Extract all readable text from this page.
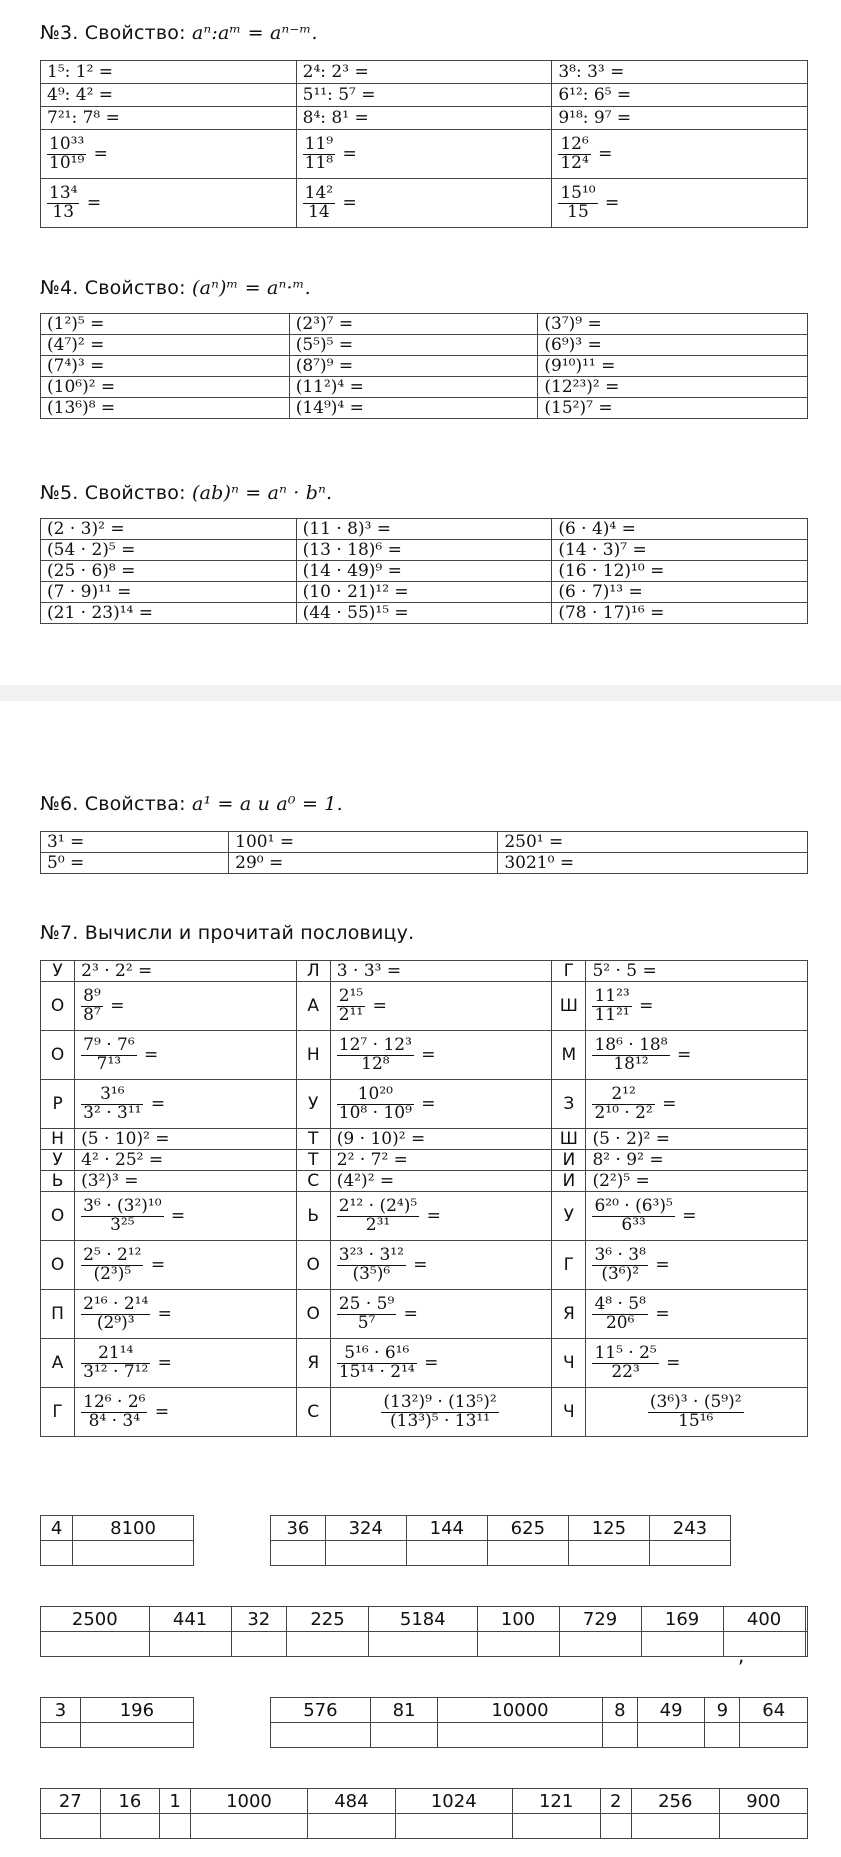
№3. Свойство: aⁿ:aᵐ = aⁿ⁻ᵐ.
1⁵: 1² =	2⁴: 2³ =	3⁸: 3³ =
4⁹: 4² =	5¹¹: 5⁷ =	6¹²: 6⁵ =
7²¹: 7⁸ =	8⁴: 8¹ =	9¹⁸: 9⁷ =

$\frac{\text{10³³}}{\text{10¹⁹}}$ =	$\frac{\text{11⁹}}{\text{11⁸}}$ =	$\frac{\text{12⁶}}{\text{12⁴}}$ =

$\frac{\text{13⁴}}{13}$ =	$\frac{\text{14²}}{14}$ =	$\frac{\text{15¹⁰}}{15}$ =
№4. Свойство: (aⁿ)ᵐ = aⁿ·ᵐ.
(1²)⁵ =	(2³)⁷ =	(3⁷)⁹ =
(4⁷)² =	(5⁵)⁵ =	(6⁹)³ =
(7⁴)³ =	(8⁷)⁹ =	(9¹⁰)¹¹ =
(10⁶)² =	(11²)⁴ =	(12²³)² =
(13⁶)⁸ =	(14⁹)⁴ =	(15²)⁷ =
№5. Свойство: (ab)ⁿ = aⁿ · bⁿ.
(2 · 3)² =	(11 · 8)³ =	(6 · 4)⁴ =
(54 · 2)⁵ =	(13 · 18)⁶ =	(14 · 3)⁷ =
(25 · 6)⁸ =	(14 · 49)⁹ =	(16 · 12)¹⁰ =
(7 · 9)¹¹ =	(10 · 21)¹² =	(6 · 7)¹³ =
(21 · 23)¹⁴ =	(44 · 55)¹⁵ =	(78 · 17)¹⁶ =
№6. Свойства: a¹ = a и a⁰ = 1.
3¹ =	100¹ =	250¹ =
5⁰ =	29⁰ =	3021⁰ =
№7. Вычисли и прочитай пословицу.
У	2³ · 2² =	Л	3 · 3³ =	Г	5² · 5 =
О	$\frac{\text{8⁹}}{\text{8⁷}}$ =	А	$\frac{\text{2¹⁵}}{\text{2¹¹}}$ =	Ш	$\frac{\text{11²³}}{\text{11²¹}}$ =
О	$\frac{\text{7⁹ · 7⁶}}{\text{7¹³}}$ =	Н	$\frac{\text{12⁷ · 12³}}{\text{12⁸}}$ =	М	$\frac{\text{18⁶ · 18⁸}}{\text{18¹²}}$ =
Р	$\frac{\text{3¹⁶}}{\text{3² · 3¹¹}}$ =	У	$\frac{\text{10²⁰}}{\text{10⁸ · 10⁹}}$ =	З	$\frac{\text{2¹²}}{\text{2¹⁰ · 2²}}$ =
Н	(5 · 10)² =	Т	(9 · 10)² =	Ш	(5 · 2)² =
У	4² · 25² =	Т	2² · 7² =	И	8² · 9² =
Ь	(3²)³ =	С	(4²)² =	И	(2²)⁵ =
О	$\frac{\text{3⁶ · (3²)¹⁰}}{\text{3²⁵}}$ =	Ь	$\frac{\text{2¹² · (2⁴)⁵}}{\text{2³¹}}$ =	У	$\frac{\text{6²⁰ · (6³)⁵}}{\text{6³³}}$ =
О	$\frac{\text{2⁵ · 2¹²}}{\text{(2³)⁵}}$ =	О	$\frac{\text{3²³ · 3¹²}}{\text{(3⁵)⁶}}$ =	Г	$\frac{\text{3⁶ · 3⁸}}{\text{(3⁶)²}}$ =
П	$\frac{\text{2¹⁶ · 2¹⁴}}{\text{(2⁹)³}}$ =	О	$\frac{\text{25 · 5⁹}}{\text{5⁷}}$ =	Я	$\frac{\text{4⁸ · 5⁸}}{\text{20⁶}}$ =
А	$\frac{\text{21¹⁴}}{\text{3¹² · 7¹²}}$ =	Я	$\frac{\text{5¹⁶ · 6¹⁶}}{\text{15¹⁴ · 2¹⁴}}$ =	Ч	$\frac{\text{11⁵ · 2⁵}}{\text{22³}}$ =
Г	$\frac{\text{12⁶ · 2⁶}}{\text{8⁴ · 3⁴}}$ =	С	$\frac{\text{(13²)⁹ · (13⁵)²}}{\text{(13³)⁵ · 13¹¹}}$	Ч	$\frac{\text{(3⁶)³ · (5⁹)²}}{\text{15¹⁶}}$
4	8100
		36	324	144	625	125	243

2500	441	32	225	5184	100	729	169	400	

,
3	196
		576	81	10000	8	49	9	64

27	16	1	1000	484	1024	121	2	256	900
